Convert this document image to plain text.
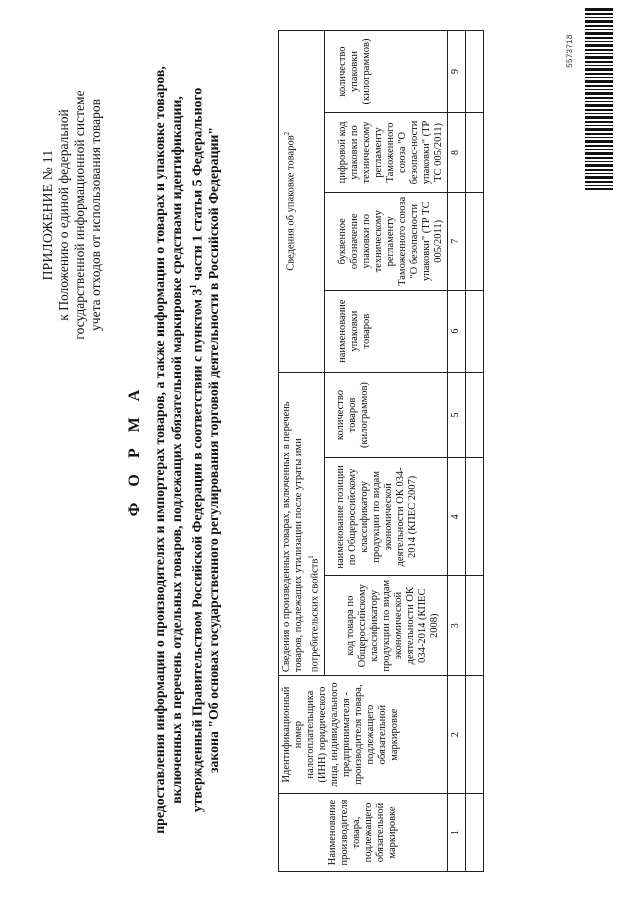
ПРИЛОЖЕНИЕ № 11 к Положению о единой федеральной государственной информационной системе учета отходов от использования товаров
Ф О Р М А предоставления информации о производителях и импортерах товаров, а также информации о товарах и упаковке товаров, включенных в перечень отдельных товаров, подлежащих обязательной маркировке средствами идентификации, утвержденный Правительством Российской Федерации в соответствии с пунктом $3^1$ части 1 статьи 5 Федерального закона "Об основах государственного регулирования торговой деятельности в Российской Федерации"
Наименование производителя товара, подлежащего обязательной маркировке	Идентификационный номер налогоплательщика (ИНН) юридического лица, индивидуального предпринимателя - производителя товара, подлежащего обязательной маркировке	Сведения о произведенных товарах, включенных в перечень товаров, подлежащих утилизации после утраты ими потребительских свойств$^1$			Сведения об упаковке товаров$^2$
		код товара по Общероссийскому классификатору продукции по видам экономической деятельности ОК 034-2014 (КПЕС 2008)	наименование позиции по Общероссийскому классификатору продукции по видам экономической деятельности ОК 034-2014 (КПЕС 2007)	количество товаров (килограммов)	наименование упаковки товаров	буквенное обозначение упаковки по техническому регламенту Таможенного союза "О безопасности упаковки" (ТР ТС 005/2011)	цифровой код упаковки по техническому регламенту Таможенного союза "О безопас-ности упаковки" (ТР ТС 005/2011)	количество упаковки (килограммов)
1	2	3	4	5	6	7	8	9

5573718
